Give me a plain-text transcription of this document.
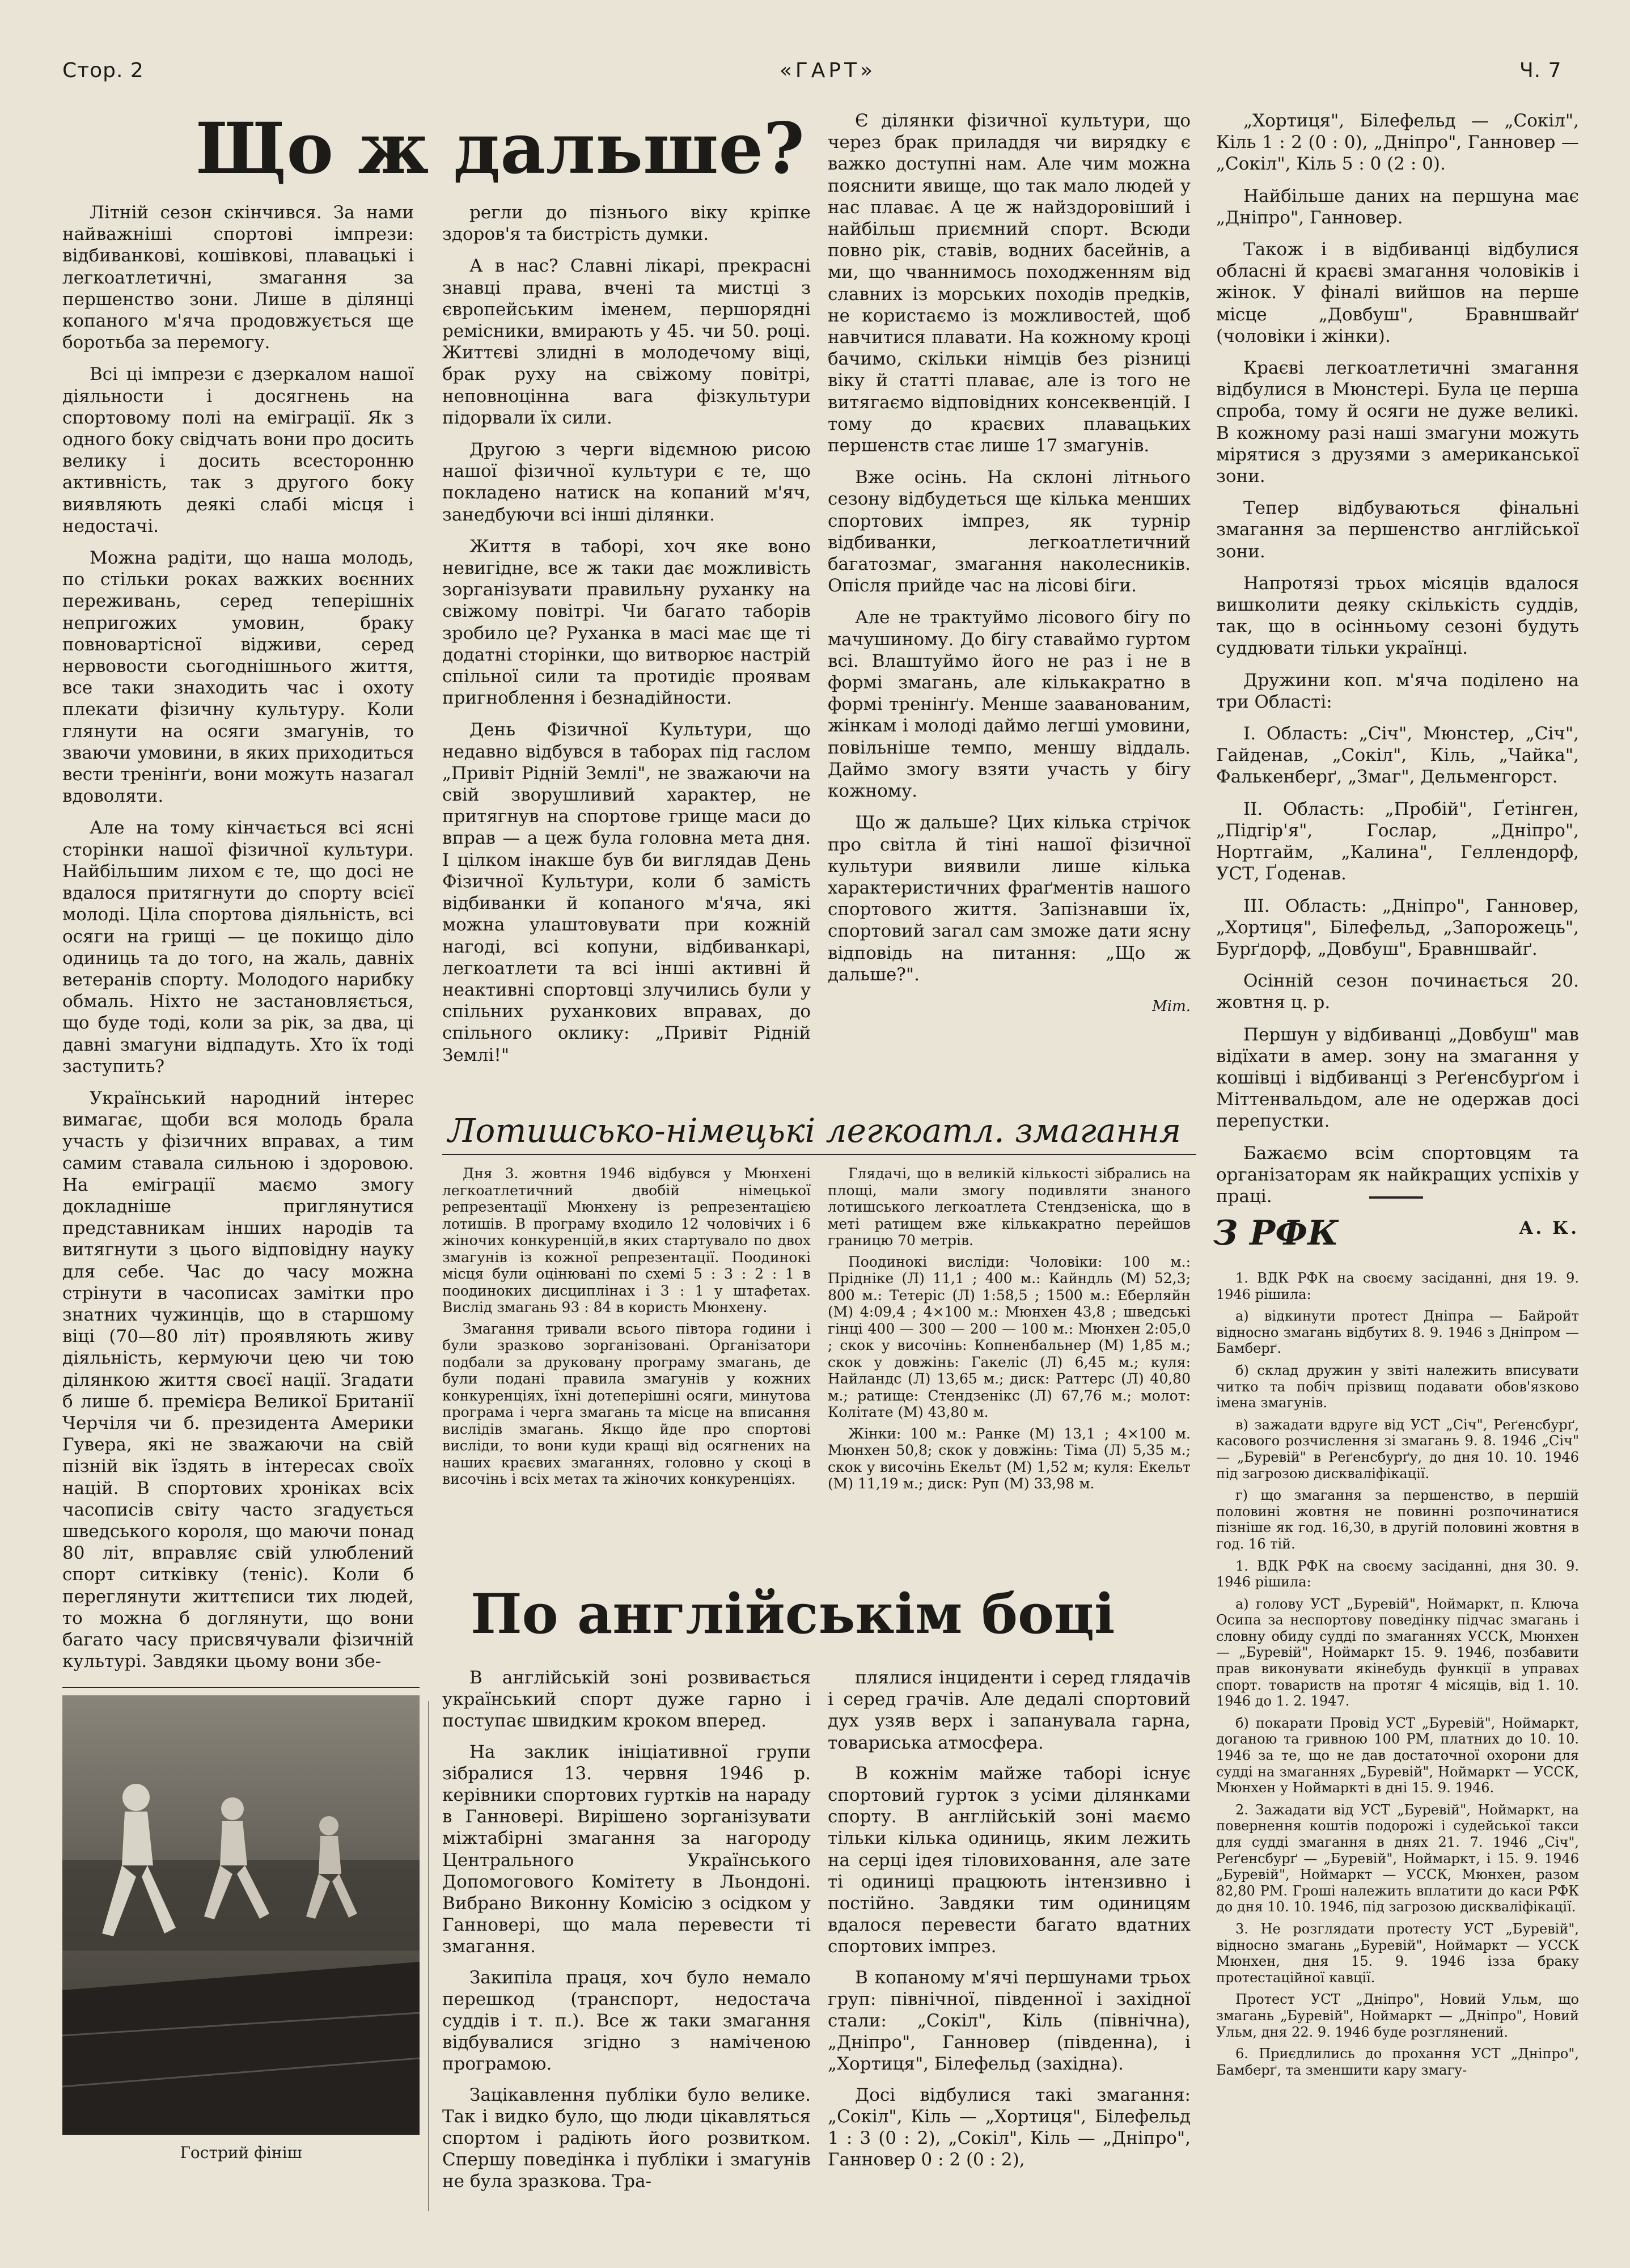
Стор. 2	«ГАРТ»	Ч. 7
Що ж дальше?

Літній сезон скінчився. За нами найважніші спортові імпрези: відбиванкові, кошівкові, плавацькі і легкоатлетичні, змагання за першенство зони. Лише в ділянці копаного м'яча продовжується ще боротьба за перемогу.

Всі ці імпрези є дзеркалом нашої діяльности і досягнень на спортовому полі на еміграції. Як з одного боку свідчать вони про досить велику і досить всесторонню активність, так з другого боку виявляють деякі слабі місця і недостачі.

Можна радіти, що наша молодь, по стільки роках важких воєнних переживань, серед теперішніх непригожих умовин, браку повновартісної відживи, серед нервовости сьогоднішнього життя, все таки знаходить час і охоту плекати фізичну культуру. Коли глянути на осяги змагунів, то зваючи умовини, в яких приходиться вести тренінґи, вони можуть назагал вдоволяти.

Але на тому кінчається всі ясні сторінки нашої фізичної культури. Найбільшим лихом є те, що досі не вдалося притягнути до спорту всієї молоді. Ціла спортова діяльність, всі осяги на грищі — це покищо діло одиниць та до того, на жаль, давніх ветеранів спорту. Молодого нарибку обмаль. Ніхто не застановляється, що буде тоді, коли за рік, за два, ці давні змагуни відпадуть. Хто їх тоді заступить?

Український народний інтерес вимагає, щоби вся молодь брала участь у фізичних вправах, а тим самим ставала сильною і здоровою. На еміграції маємо змогу докладніше приглянутися представникам інших народів та витягнути з цього відповідну науку для себе. Час до часу можна стрінути в часописах замітки про знатних чужинців, що в старшому віці (70—80 літ) проявляють живу діяльність, кермуючи цею чи тою ділянкою життя своєї нації. Згадати б лише б. премієра Великої Британії Черчіля чи б. президента Америки Гувера, які не зважаючи на свій пізній вік їздять в інтересах своїх націй. В спортових хроніках всіх часописів світу часто згадується шведського короля, що маючи понад 80 літ, вправляє свій улюблений спорт ситківку (теніс). Коли б переглянути життєписи тих людей, то можна б доглянути, що вони багато часу присвячували фізичній культурі. Завдяки цьому вони збе-

регли до пізнього віку кріпке здоров'я та бистрість думки.

А в нас? Славні лікарі, прекрасні знавці права, вчені та мистці з європейським іменем, першорядні ремісники, вмирають у 45. чи 50. році. Життєві злидні в молодечому віці, брак руху на свіжому повітрі, неповноцінна вага фізкультури підорвали їх сили.

Другою з черги відємною рисою нашої фізичної культури є те, що покладено натиск на копаний м'яч, занедбуючи всі інші ділянки.

Життя в таборі, хоч яке воно невигідне, все ж таки дає можливість зорганізувати правильну руханку на свіжому повітрі. Чи багато таборів зробило це? Руханка в масі має ще ті додатні сторінки, що витворює настрій спільної сили та протидіє проявам пригноблення і безнадійности.

День Фізичної Культури, що недавно відбувся в таборах під гаслом „Привіт Рідній Землі", не зважаючи на свій зворушливий характер, не притягнув на спортове грище маси до вправ — а цеж була головна мета дня. І цілком інакше був би виглядав День Фізичної Культури, коли б замість відбиванки й копаного м'яча, які можна улаштовувати при кожній нагоді, всі копуни, відбиванкарі, легкоатлети та всі інші активні й неактивні спортовці злучились були у спільних руханкових вправах, до спільного оклику: „Привіт Рідній Землі!"

Є ділянки фізичної культури, що через брак приладдя чи вирядку є важко доступні нам. Але чим можна пояснити явище, що так мало людей у нас плаває. А це ж найздоровіший і найбільш приємний спорт. Всюди повно рік, ставів, водних басейнів, а ми, що чваннимось походженням від славних із морських походів предків, не користаємо із можливостей, щоб навчитися плавати. На кожному кроці бачимо, скільки німців без різниці віку й статті плаває, але із того не витягаємо відповідних консеквенцій. І тому до краєвих плавацьких першенств стає лише 17 змагунів.

Вже осінь. На склоні літнього сезону відбудеться ще кілька менших спортових імпрез, як турнір відбиванки, легкоатлетичний багатозмаг, змагання наколесників. Опісля прийде час на лісові біги.

Але не трактуймо лісового бігу по мачушиному. До бігу ставаймо гуртом всі. Влаштуймо його не раз і не в формі змагань, але кількакратно в формі тренінґу. Менше зааванованим, жінкам і молоді даймо легші умовини, повільніше темпо, меншу віддаль. Даймо змогу взяти участь у бігу кожному.

Що ж дальше? Цих кілька стрічок про світла й тіні нашої фізичної культури виявили лише кілька характеристичних фраґментів нашого спортового життя. Запізнавши їх, спортовий загал сам зможе дати ясну відповідь на питання: „Що ж дальше?".

Міт.

„Хортиця", Білефельд — „Сокіл", Кіль 1 : 2 (0 : 0), „Дніпро", Ганновер — „Сокіл", Кіль 5 : 0 (2 : 0).

Найбільше даних на першуна має „Дніпро", Ганновер.

Також і в відбиванці відбулися обласні й краєві змагання чоловіків і жінок. У фіналі вийшов на перше місце „Довбуш", Бравншвайґ (чоловіки і жінки).

Краєві легкоатлетичні змагання відбулися в Мюнстері. Була це перша спроба, тому й осяги не дуже великі. В кожному разі наші змагуни можуть мірятися з друзями з американської зони.

Тепер відбуваються фінальні змагання за першенство англійської зони.

Напротязі трьох місяців вдалося вишколити деяку скількість суддів, так, що в осінньому сезоні будуть суддювати тільки українці.

Дружини коп. м'яча поділено на три Області:

І. Область: „Січ", Мюнстер, „Січ", Гайденав, „Сокіл", Кіль, „Чайка", Фалькенберґ, „Змаг", Дельменгорст.

ІІ. Область: „Пробій", Ґетінген, „Підгір'я", Гослар, „Дніпро", Нортгайм, „Калина", Геллендорф, УСТ, Ґоденав.

ІІІ. Область: „Дніпро", Ганновер, „Хортиця", Білефельд, „Запорожець", Бурґдорф, „Довбуш", Бравншвайґ.

Осінній сезон починається 20. жовтня ц. р.

Першун у відбиванці „Довбуш" мав відїхати в амер. зону на змагання у кошівці і відбиванці з Реґенсбурґом і Міттенвальдом, але не одержав досі перепустки.

Бажаємо всім спортовцям та організаторам як найкращих успіхів у праці.

А. К.
Лотишсько-німецькі легкоатл. змагання

Дня 3. жовтня 1946 відбувся у Мюнхені легкоатлетичний двобій німецької репрезентації Мюнхену із репрезентацією лотишів. В програму входило 12 чоловічих і 6 жіночих конкуренцій,в яких стартувало по двох змагунів із кожної репрезентації. Поодинокі місця були оцінювані по схемі 5 : 3 : 2 : 1 в поодиноких дисциплінах і 3 : 1 у штафетах. Вислід змагань 93 : 84 в користь Мюнхену.

Змагання тривали всього півтора години і були зразково зорганізовані. Організатори подбали за друковану програму змагань, де були подані правила змагунів у кожних конкуренціях, їхні дотеперішні осяги, минутова програма і черга змагань та місце на вписання вислідів змагань. Якщо йде про спортові висліди, то вони куди кращі від осягнених на наших краєвих змаганнях, головно у скоці в височінь і всіх метах та жіночих конкуренціях.

Глядачі, що в великій кількості зібрались на площі, мали змогу подивляти знаного лотишського легкоатлета Стендзеніска, що в меті ратищем вже кількакратно перейшов границю 70 метрів.

Поодинокі висліди: Чоловіки: 100 м.: Прідніке (Л) 11,1 ; 400 м.: Кайндль (М) 52,3; 800 м.: Тетеріс (Л) 1:58,5 ; 1500 м.: Еберляйн (М) 4:09,4 ; 4×100 м.: Мюнхен 43,8 ; шведські гінці 400 — 300 — 200 — 100 м.: Мюнхен 2:05,0 ; скок у височінь: Копненбальнер (М) 1,85 м.; скок у довжінь: Гакеліс (Л) 6,45 м.; куля: Найландс (Л) 13,65 м.; диск: Раттерс (Л) 40,80 м.; ратище: Стендзенікс (Л) 67,76 м.; молот: Колітате (М) 43,80 м.

Жінки: 100 м.: Ранке (М) 13,1 ; 4×100 м. Мюнхен 50,8; скок у довжінь: Тіма (Л) 5,35 м.; скок у височінь Екельт (М) 1,52 м; куля: Екельт (М) 11,19 м.; диск: Руп (М) 33,98 м.

По англійськім боці
Гострий фініш

В англійській зоні розвивається український спорт дуже гарно і поступає швидким кроком вперед.

На заклик ініціативної групи зібралися 13. червня 1946 р. керівники спортових гуртків на нараду в Ганновері. Вирішено зорганізувати міжтабірні змагання за нагороду Центрального Українського Допомогового Комітету в Льондоні. Вибрано Виконну Комісію з осідком у Ганновері, що мала перевести ті змагання.

Закипіла праця, хоч було немало перешкод (транспорт, недостача суддів і т. п.). Все ж таки змагання відбувалися згідно з наміченою програмою.

Зацікавлення публіки було велике. Так і видко було, що люди цікавляться спортом і радіють його розвитком. Спершу поведінка і публіки і змагунів не була зразкова. Тра-

плялися інциденти і серед глядачів і серед грачів. Але дедалі спортовий дух узяв верх і запанувала гарна, товариська атмосфера.

В кожнім майже таборі існує спортовий гурток з усіми ділянками спорту. В англійській зоні маємо тільки кілька одиниць, яким лежить на серці ідея тіловиховання, але зате ті одиниці працюють інтензивно і постійно. Завдяки тим одиницям вдалося перевести багато вдатних спортових імпрез.

В копаному м'ячі першунами трьох груп: північної, південної і західної стали: „Сокіл", Кіль (північна), „Дніпро", Ганновер (південна), і „Хортиця", Білефельд (західна).

Досі відбулися такі змагання: „Сокіл", Кіль — „Хортиця", Білефельд 1 : 3 (0 : 2), „Сокіл", Кіль — „Дніпро", Ганновер 0 : 2 (0 : 2),

З РФК

1. ВДК РФК на своєму засіданні, дня 19. 9. 1946 рішила:

а) відкинути протест Дніпра — Байройт відносно змагань відбутих 8. 9. 1946 з Дніпром — Бамберґ.

б) склад дружин у звіті належить вписувати читко та побіч прізвищ подавати обов'язково імена змагунів.

в) зажадати вдруге від УСТ „Січ", Реґенсбурґ, касового розчислення зі змагань 9. 8. 1946 „Січ" — „Буревій" в Реґенсбурґу, до дня 10. 10. 1946 під загрозою дискваліфікації.

г) що змагання за першенство, в першій половині жовтня не повинні розпочинатися пізніше як год. 16,30, в другій половині жовтня в год. 16 тій.

1. ВДК РФК на своєму засіданні, дня 30. 9. 1946 рішила:

а) голову УСТ „Буревій", Ноймаркт, п. Ключа Осипа за неспортову поведінку підчас змагань і словну обиду судді по змаганнях УССК, Мюнхен — „Буревій", Ноймаркт 15. 9. 1946, позбавити прав виконувати якінебудь функції в управах спорт. товариств на протяг 4 місяців, від 1. 10. 1946 до 1. 2. 1947.

б) покарати Провід УСТ „Буревій", Ноймаркт, доганою та гривною 100 РМ, платних до 10. 10. 1946 за те, що не дав достаточної охорони для судді на змаганнях „Буревій", Ноймаркт — УССК, Мюнхен у Ноймаркті в дні 15. 9. 1946.

2. Зажадати від УСТ „Буревій", Ноймаркт, на повернення коштів подорожі і судейської такси для судді змагання в днях 21. 7. 1946 „Січ", Реґенсбурґ — „Буревій", Ноймаркт, і 15. 9. 1946 „Буревій", Ноймаркт — УССК, Мюнхен, разом 82,80 РМ. Гроші належить вплатити до каси РФК до дня 10. 10. 1946, під загрозою дискваліфікації.

3. Не розглядати протесту УСТ „Буревій", відносно змагань „Буревій", Ноймаркт — УССК Мюнхен, дня 15. 9. 1946 ізза браку протестаційної кавції.

Протест УСТ „Дніпро", Новий Ульм, що змагань „Буревій", Ноймаркт — „Дніпро", Новий Ульм, дня 22. 9. 1946 буде розглянений.

6. Приєдлились до прохання УСТ „Дніпро", Бамберґ, та зменшити кару змагу-
